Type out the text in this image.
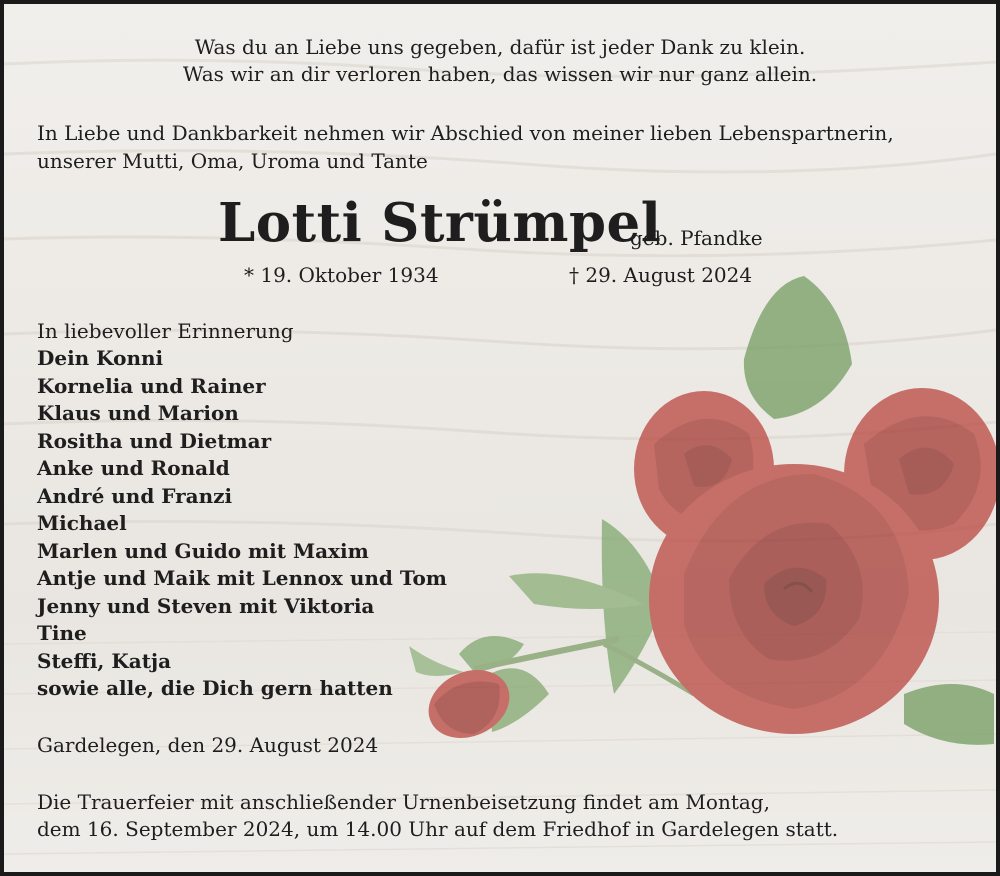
Was du an Liebe uns gegeben, dafür ist jeder Dank zu klein.
Was wir an dir verloren haben, das wissen wir nur ganz allein.
In Liebe und Dankbarkeit nehmen wir Abschied von meiner lieben Lebenspartnerin,
unserer Mutti, Oma, Uroma und Tante
Lotti Strümpel
geb. Pfandke
* 19. Oktober 1934	† 29. August 2024
In liebevoller Erinnerung
Dein Konni
Kornelia und Rainer
Klaus und Marion
Rositha und Dietmar
Anke und Ronald
André und Franzi
Michael
Marlen und Guido mit Maxim
Antje und Maik mit Lennox und Tom
Jenny und Steven mit Viktoria
Tine
Steffi, Katja
sowie alle, die Dich gern hatten
Gardelegen, den 29. August 2024
Die Trauerfeier mit anschließender Urnenbeisetzung findet am Montag,
dem 16. September 2024, um 14.00 Uhr auf dem Friedhof in Gardelegen statt.
